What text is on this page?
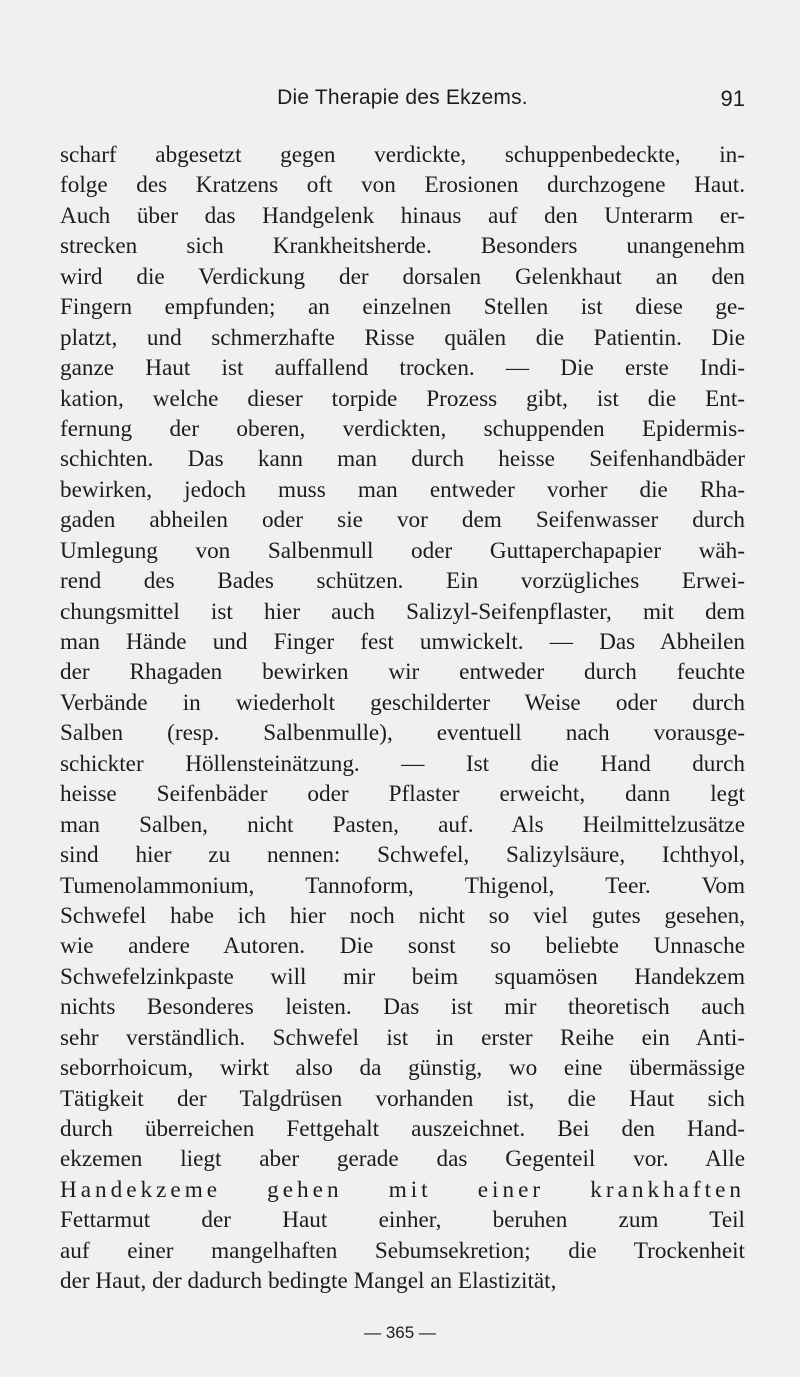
Die Therapie des Ekzems.	91
scharf abgesetzt gegen verdickte, schuppenbedeckte, in-
folge des Kratzens oft von Erosionen durchzogene Haut.
Auch über das Handgelenk hinaus auf den Unterarm er-
strecken sich Krankheitsherde. Besonders unangenehm
wird die Verdickung der dorsalen Gelenkhaut an den
Fingern empfunden; an einzelnen Stellen ist diese ge-
platzt, und schmerzhafte Risse quälen die Patientin. Die
ganze Haut ist auffallend trocken. — Die erste Indi-
kation, welche dieser torpide Prozess gibt, ist die Ent-
fernung der oberen, verdickten, schuppenden Epidermis-
schichten. Das kann man durch heisse Seifenhandbäder
bewirken, jedoch muss man entweder vorher die Rha-
gaden abheilen oder sie vor dem Seifenwasser durch
Umlegung von Salbenmull oder Guttaperchapapier wäh-
rend des Bades schützen. Ein vorzügliches Erwei-
chungsmittel ist hier auch Salizyl-Seifenpflaster, mit dem
man Hände und Finger fest umwickelt. — Das Abheilen
der Rhagaden bewirken wir entweder durch feuchte
Verbände in wiederholt geschilderter Weise oder durch
Salben (resp. Salbenmulle), eventuell nach vorausge-
schickter Höllensteinätzung. — Ist die Hand durch
heisse Seifenbäder oder Pflaster erweicht, dann legt
man Salben, nicht Pasten, auf. Als Heilmittelzusätze
sind hier zu nennen: Schwefel, Salizylsäure, Ichthyol,
Tumenolammonium, Tannoform, Thigenol, Teer. Vom
Schwefel habe ich hier noch nicht so viel gutes gesehen,
wie andere Autoren. Die sonst so beliebte Unnasche
Schwefelzinkpaste will mir beim squamösen Handekzem
nichts Besonderes leisten. Das ist mir theoretisch auch
sehr verständlich. Schwefel ist in erster Reihe ein Anti-
seborrhoicum, wirkt also da günstig, wo eine übermässige
Tätigkeit der Talgdrüsen vorhanden ist, die Haut sich
durch überreichen Fettgehalt auszeichnet. Bei den Hand-
ekzemen liegt aber gerade das Gegenteil vor. Alle
Handekzeme gehen mit einer krankhaften
Fettarmut der Haut einher, beruhen zum Teil
auf einer mangelhaften Sebumsekretion; die Trockenheit
der Haut, der dadurch bedingte Mangel an Elastizität,
— 365 —
